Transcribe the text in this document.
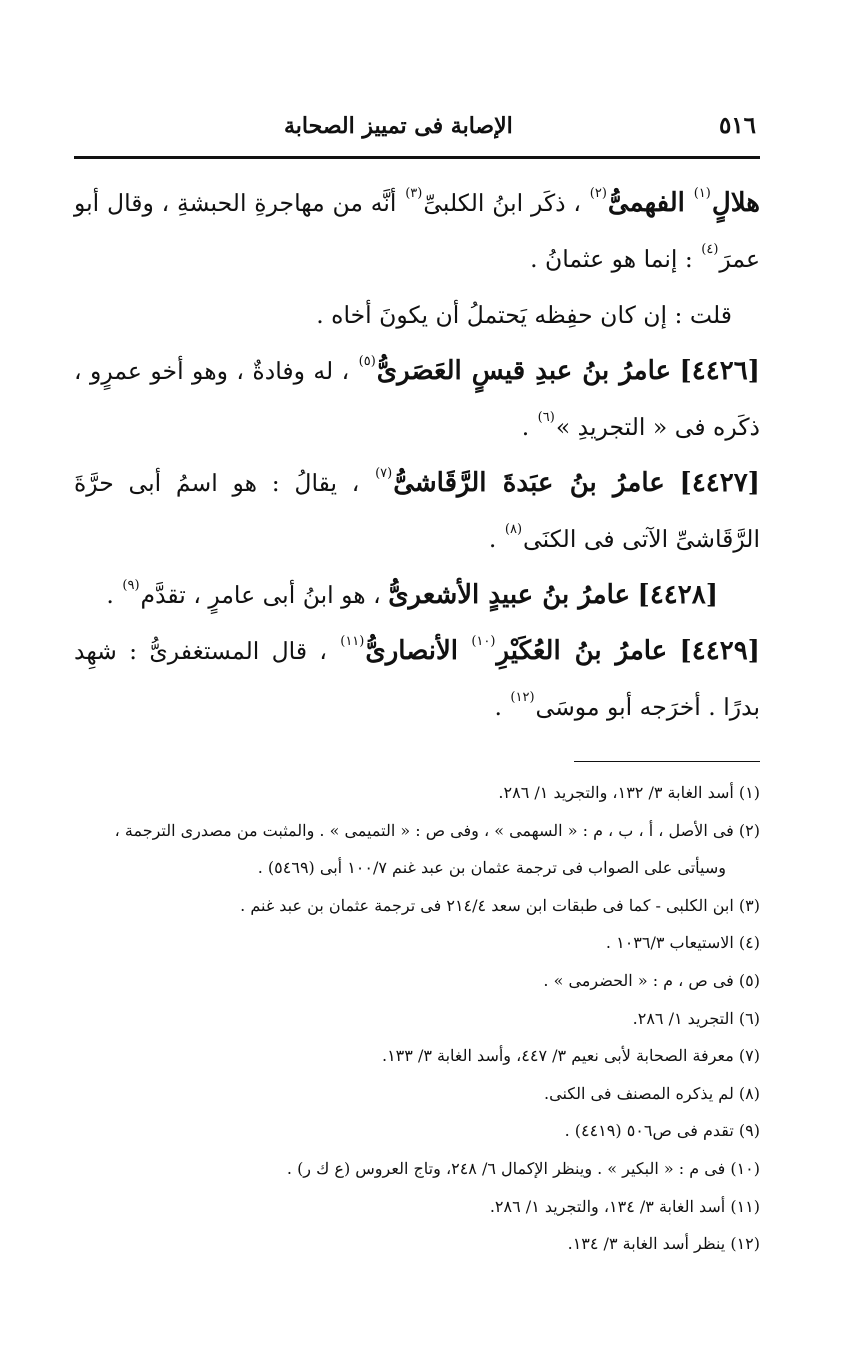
٥١٦
الإصابة فى تمييز الصحابة

هلالٍ$^{(١)}$ الفهمىُّ$^{(٢)}$ ، ذكَر ابنُ الكلبىِّ$^{(٣)}$ أنَّه من مهاجرةِ الحبشةِ ، وقال أبو عمرَ$^{(٤)}$ : إنما هو عثمانُ .

قلت : إن كان حفِظه يَحتملُ أن يكونَ أخاه .

[٤٤٢٦] عامرُ بنُ عبدِ قيسٍ العَصَرىُّ$^{(٥)}$ ، له وفادةٌ ، وهو أخو عمرٍو ، ذكَره فى « التجريدِ »$^{(٦)}$ .

[٤٤٢٧] عامرُ بنُ عبَدةَ الرَّقَاشىُّ$^{(٧)}$ ، يقالُ : هو اسمُ أبى حرَّةَ الرَّقَاشىِّ الآتى فى الكنَى$^{(٨)}$ .

[٤٤٢٨] عامرُ بنُ عبيدٍ الأشعرىُّ ، هو ابنُ أبى عامرٍ ، تقدَّم$^{(٩)}$ .

[٤٤٢٩] عامرُ بنُ العُكَيْرِ$^{(١٠)}$ الأنصارىُّ$^{(١١)}$ ، قال المستغفرىُّ : شهِد بدرًا . أخرَجه أبو موسَى$^{(١٢)}$ .

(١) أسد الغابة ٣/ ١٣٢، والتجريد ١/ ٢٨٦.

(٢) فى الأصل ، أ ، ب ، م : « السهمى » ، وفى ص : « التميمى » . والمثبت من مصدرى الترجمة ،

وسيأتى على الصواب فى ترجمة عثمان بن عبد غنم ١٠٠/٧ أبى (٥٤٦٩) .

(٣) ابن الكلبى - كما فى طبقات ابن سعد ٢١٤/٤ فى ترجمة عثمان بن عبد غنم .

(٤) الاستيعاب ١٠٣٦/٣ .

(٥) فى ص ، م : « الحضرمى » .

(٦) التجريد ١/ ٢٨٦.

(٧) معرفة الصحابة لأبى نعيم ٣/ ٤٤٧، وأسد الغابة ٣/ ١٣٣.

(٨) لم يذكره المصنف فى الكنى.

(٩) تقدم فى ص٥٠٦ (٤٤١٩) .

(١٠) فى م : « البكير » . وينظر الإكمال ٦/ ٢٤٨، وتاج العروس (ع ك ر) .

(١١) أسد الغابة ٣/ ١٣٤، والتجريد ١/ ٢٨٦.

(١٢) ينظر أسد الغابة ٣/ ١٣٤.
